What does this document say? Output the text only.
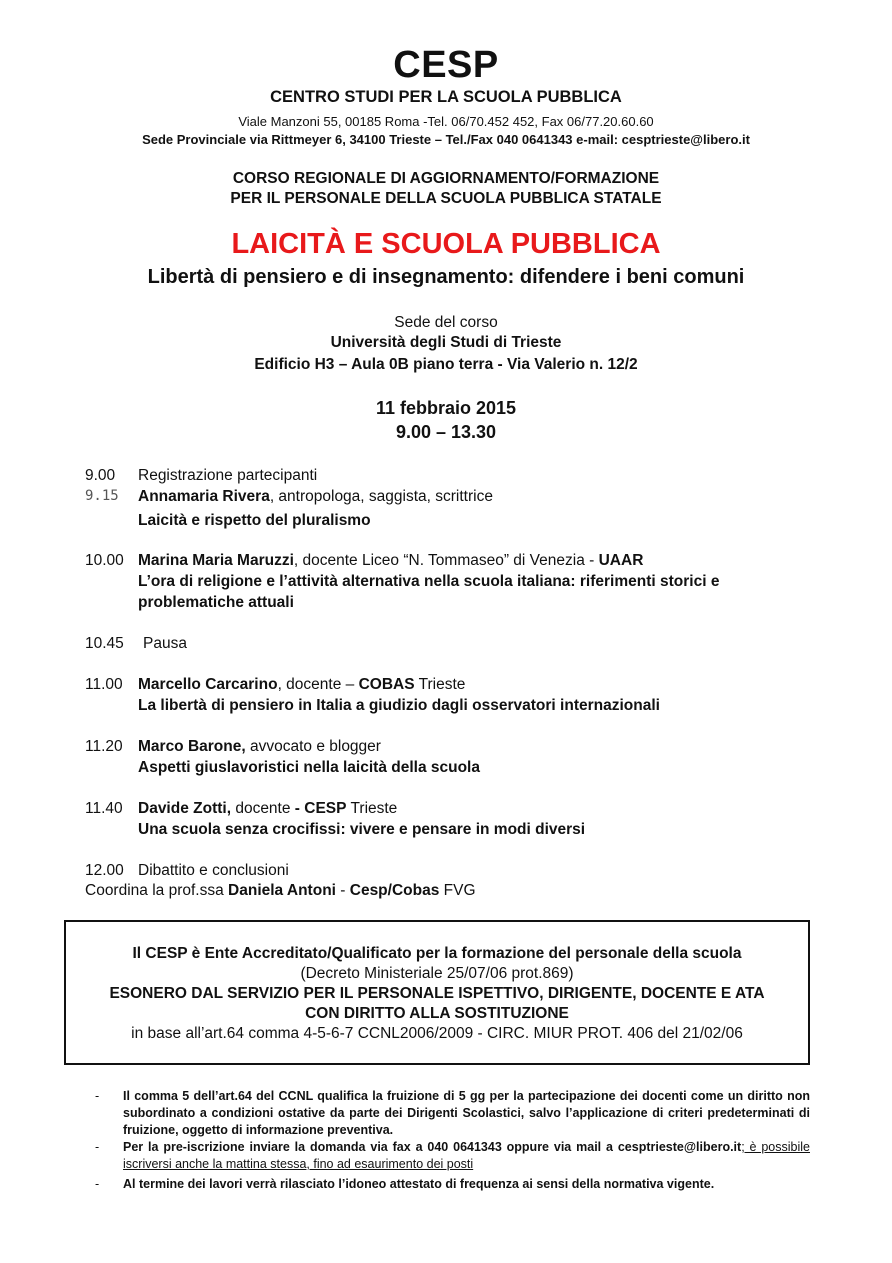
CESP
CENTRO STUDI PER LA SCUOLA PUBBLICA
Viale Manzoni 55, 00185 Roma -Tel. 06/70.452 452, Fax 06/77.20.60.60
Sede Provinciale via Rittmeyer 6, 34100 Trieste – Tel./Fax 040 0641343 e-mail: cesptrieste@libero.it
CORSO REGIONALE DI AGGIORNAMENTO/FORMAZIONE
PER IL PERSONALE DELLA SCUOLA PUBBLICA STATALE
LAICITÀ E SCUOLA PUBBLICA
Libertà di pensiero e di insegnamento: difendere i beni comuni
Sede del corso
Università degli Studi di Trieste
Edificio H3 – Aula 0B piano terra - Via Valerio n. 12/2
11 febbraio 2015
9.00 – 13.30
9.00 Registrazione partecipanti
9.15 Annamaria Rivera, antropologa, saggista, scrittrice
Laicità e rispetto del pluralismo
10.00 Marina Maria Maruzzi, docente Liceo “N. Tommaseo” di Venezia - UAAR
L’ora di religione e l’attività alternativa nella scuola italiana: riferimenti storici e problematiche attuali
10.45 Pausa
11.00 Marcello Carcarino, docente – COBAS Trieste
La libertà di pensiero in Italia a giudizio dagli osservatori internazionali
11.20 Marco Barone, avvocato e blogger
Aspetti giuslavoristici nella laicità della scuola
11.40 Davide Zotti, docente - CESP Trieste
Una scuola senza crocifissi: vivere e pensare in modi diversi
12.00 Dibattito e conclusioni
Coordina la prof.ssa Daniela Antoni - Cesp/Cobas FVG
Il CESP è Ente Accreditato/Qualificato per la formazione del personale della scuola
(Decreto Ministeriale 25/07/06 prot.869)
ESONERO DAL SERVIZIO PER IL PERSONALE ISPETTIVO, DIRIGENTE, DOCENTE E ATA
CON DIRITTO ALLA SOSTITUZIONE
in base all’art.64 comma 4-5-6-7 CCNL2006/2009 - CIRC. MIUR PROT. 406 del 21/02/06
- Il comma 5 dell’art.64 del CCNL qualifica la fruizione di 5 gg per la partecipazione dei docenti come un diritto non subordinato a condizioni ostative da parte dei Dirigenti Scolastici, salvo l’applicazione di criteri predeterminati di fruizione, oggetto di informazione preventiva.
- Per la pre-iscrizione inviare la domanda via fax a 040 0641343 oppure via mail a cesptrieste@libero.it; è possibile iscriversi anche la mattina stessa, fino ad esaurimento dei posti
- Al termine dei lavori verrà rilasciato l’idoneo attestato di frequenza ai sensi della normativa vigente.
